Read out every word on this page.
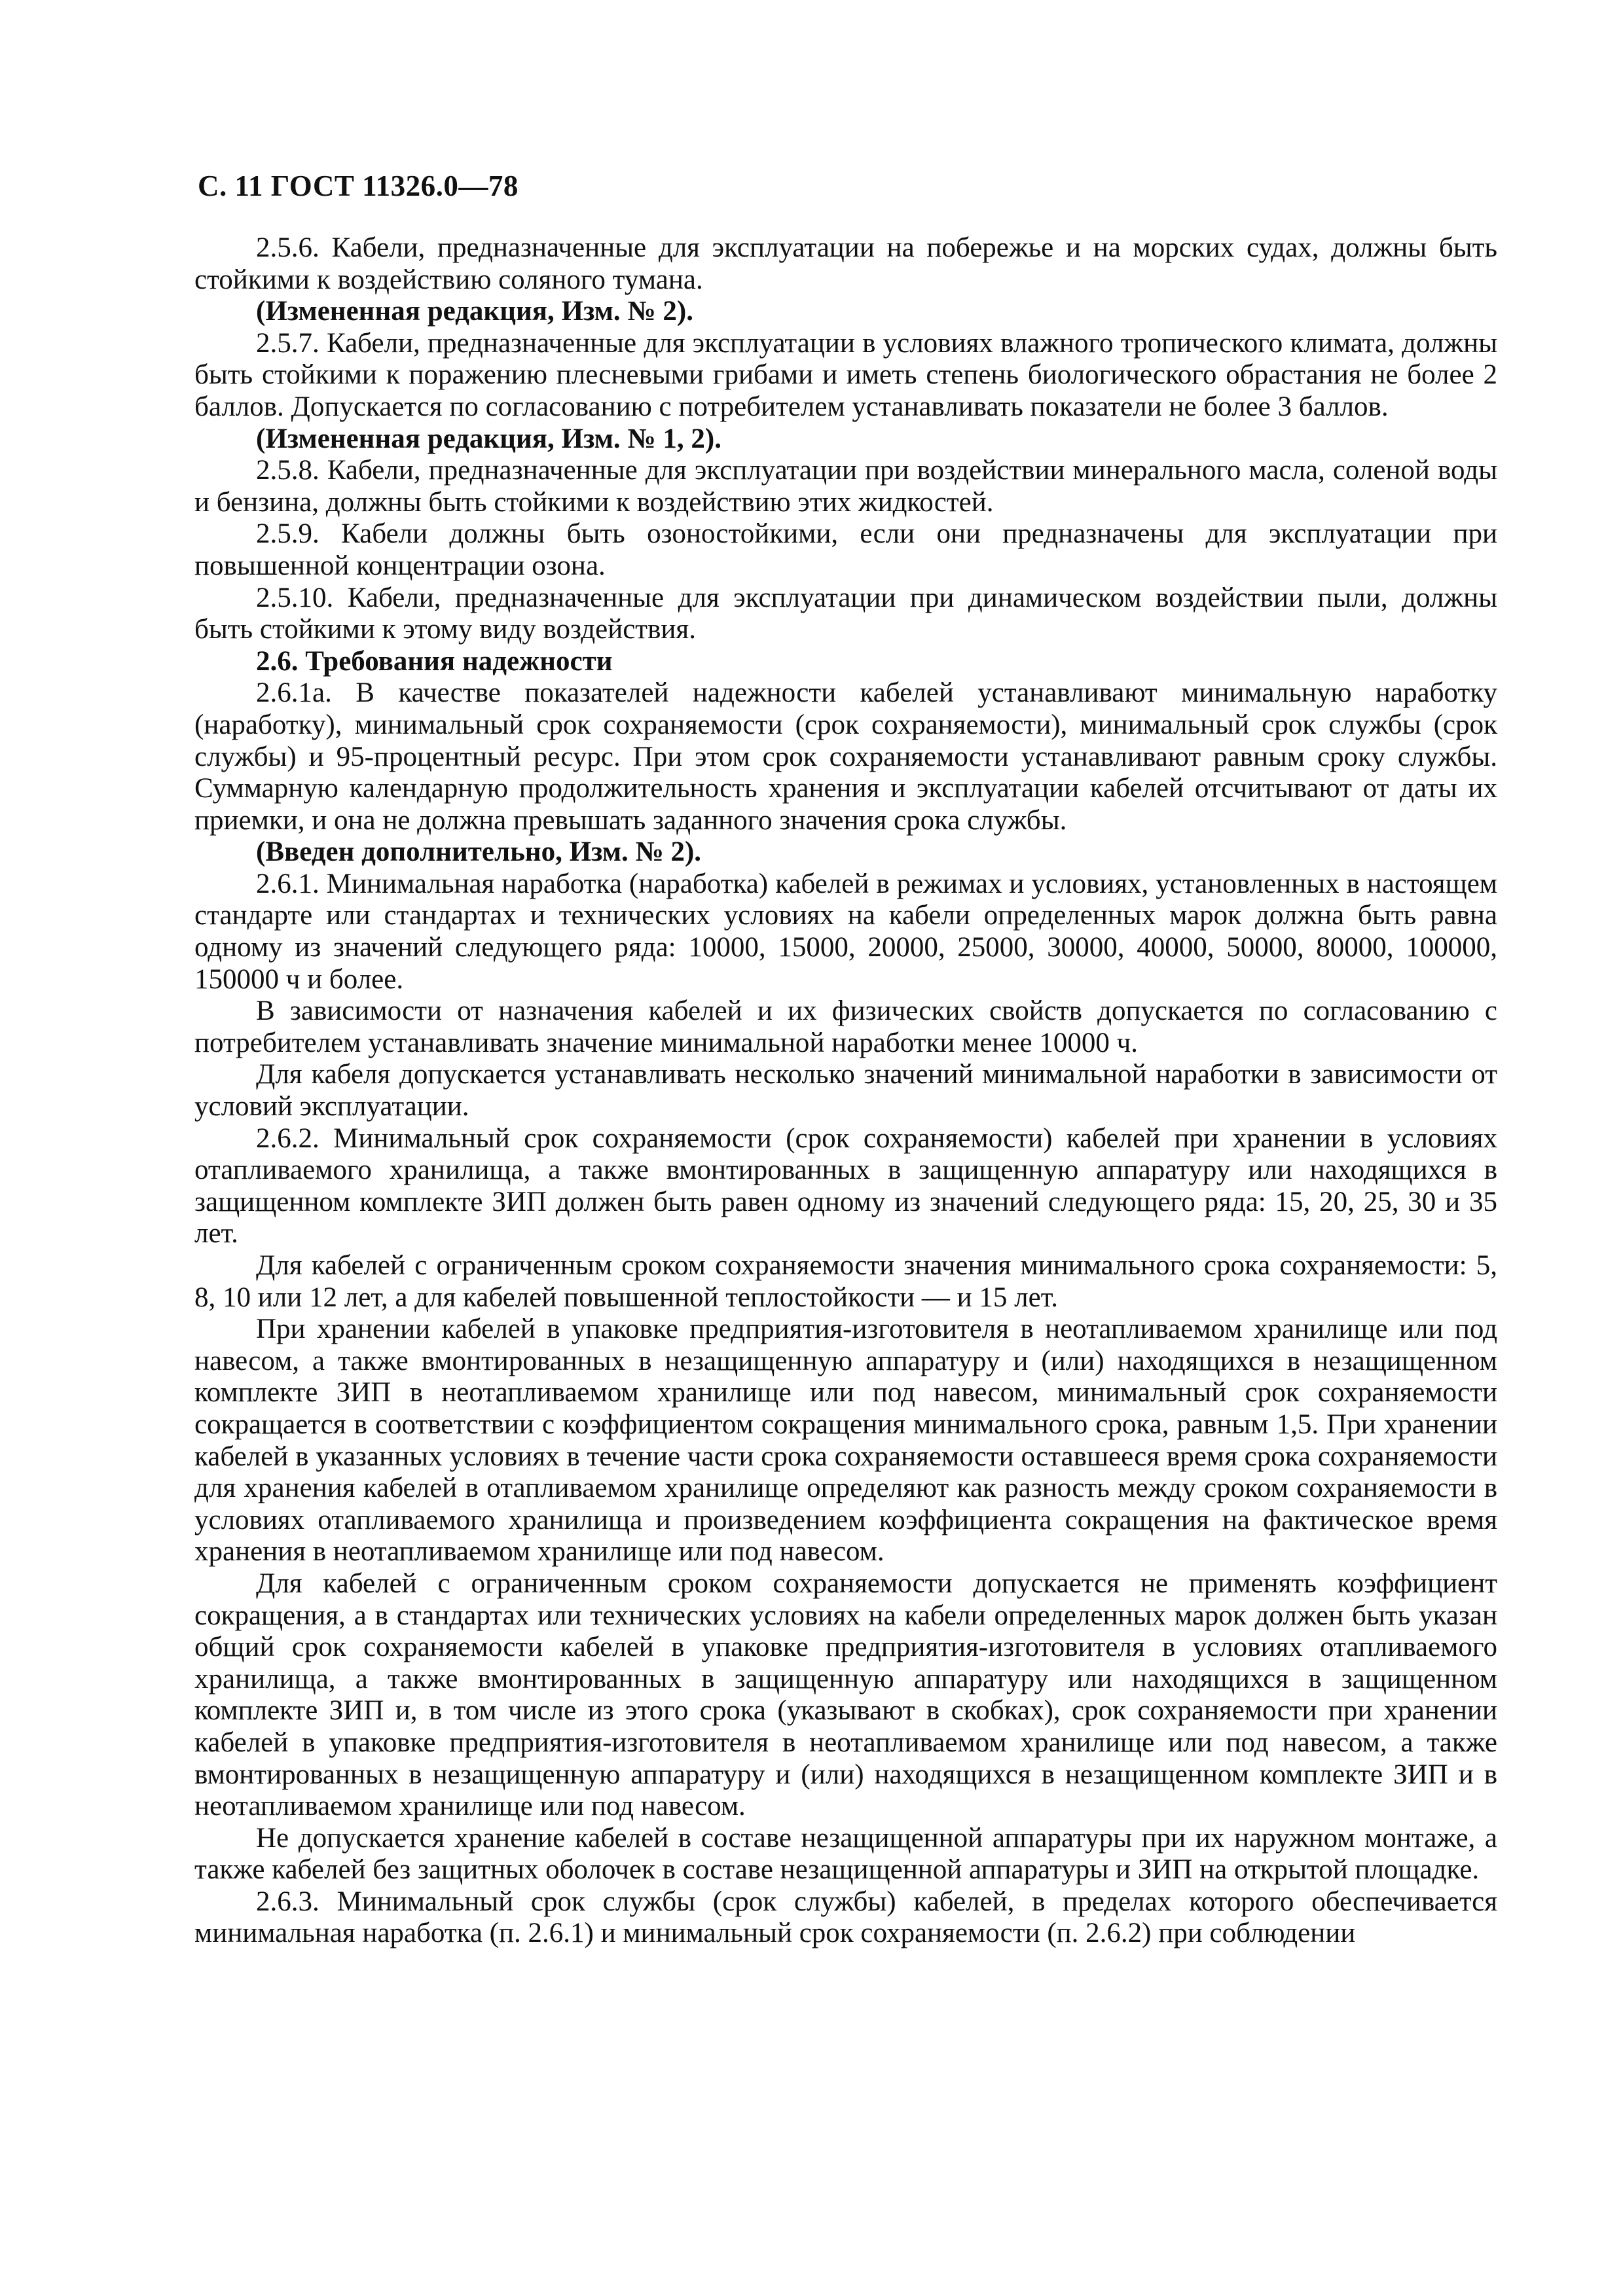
С. 11 ГОСТ 11326.0—78

2.5.6. Кабели, предназначенные для эксплуатации на побережье и на морских судах, должны быть стойкими к воздействию соляного тумана.

(Измененная редакция, Изм. № 2).

2.5.7. Кабели, предназначенные для эксплуатации в условиях влажного тропического климата, должны быть стойкими к поражению плесневыми грибами и иметь степень биологического обрастания не более 2 баллов. Допускается по согласованию с потребителем устанавливать показатели не более 3 баллов.

(Измененная редакция, Изм. № 1, 2).

2.5.8. Кабели, предназначенные для эксплуатации при воздействии минерального масла, соленой воды и бензина, должны быть стойкими к воздействию этих жидкостей.

2.5.9. Кабели должны быть озоностойкими, если они предназначены для эксплуатации при повышенной концентрации озона.

2.5.10. Кабели, предназначенные для эксплуатации при динамическом воздействии пыли, должны быть стойкими к этому виду воздействия.

2.6. Требования надежности

2.6.1а. В качестве показателей надежности кабелей устанавливают минимальную наработку (наработку), минимальный срок сохраняемости (срок сохраняемости), минимальный срок службы (срок службы) и 95-процентный ресурс. При этом срок сохраняемости устанавливают равным сроку службы. Суммарную календарную продолжительность хранения и эксплуатации кабелей отсчитывают от даты их приемки, и она не должна превышать заданного значения срока службы.

(Введен дополнительно, Изм. № 2).

2.6.1. Минимальная наработка (наработка) кабелей в режимах и условиях, установленных в настоящем стандарте или стандартах и технических условиях на кабели определенных марок должна быть равна одному из значений следующего ряда: 10000, 15000, 20000, 25000, 30000, 40000, 50000, 80000, 100000, 150000 ч и более.

В зависимости от назначения кабелей и их физических свойств допускается по согласованию с потребителем устанавливать значение минимальной наработки менее 10000 ч.

Для кабеля допускается устанавливать несколько значений минимальной наработки в зависимости от условий эксплуатации.

2.6.2. Минимальный срок сохраняемости (срок сохраняемости) кабелей при хранении в условиях отапливаемого хранилища, а также вмонтированных в защищенную аппаратуру или находящихся в защищенном комплекте ЗИП должен быть равен одному из значений следующего ряда: 15, 20, 25, 30 и 35 лет.

Для кабелей с ограниченным сроком сохраняемости значения минимального срока сохраняемости: 5, 8, 10 или 12 лет, а для кабелей повышенной теплостойкости — и 15 лет.

При хранении кабелей в упаковке предприятия-изготовителя в неотапливаемом хранилище или под навесом, а также вмонтированных в незащищенную аппаратуру и (или) находящихся в незащищенном комплекте ЗИП в неотапливаемом хранилище или под навесом, минимальный срок сохраняемости сокращается в соответствии с коэффициентом сокращения минимального срока, равным 1,5. При хранении кабелей в указанных условиях в течение части срока сохраняемости оставшееся время срока сохраняемости для хранения кабелей в отапливаемом хранилище определяют как разность между сроком сохраняемости в условиях отапливаемого хранилища и произведением коэффициента сокращения на фактическое время хранения в неотапливаемом хранилище или под навесом.

Для кабелей с ограниченным сроком сохраняемости допускается не применять коэффициент сокращения, а в стандартах или технических условиях на кабели определенных марок должен быть указан общий срок сохраняемости кабелей в упаковке предприятия-изготовителя в условиях отапливаемого хранилища, а также вмонтированных в защищенную аппаратуру или находящихся в защищенном комплекте ЗИП и, в том числе из этого срока (указывают в скобках), срок сохраняемости при хранении кабелей в упаковке предприятия-изготовителя в неотапливаемом хранилище или под навесом, а также вмонтированных в незащищенную аппаратуру и (или) находящихся в незащищенном комплекте ЗИП и в неотапливаемом хранилище или под навесом.

Не допускается хранение кабелей в составе незащищенной аппаратуры при их наружном монтаже, а также кабелей без защитных оболочек в составе незащищенной аппаратуры и ЗИП на открытой площадке.

2.6.3. Минимальный срок службы (срок службы) кабелей, в пределах которого обеспечивается минимальная наработка (п. 2.6.1) и минимальный срок сохраняемости (п. 2.6.2) при соблюдении
